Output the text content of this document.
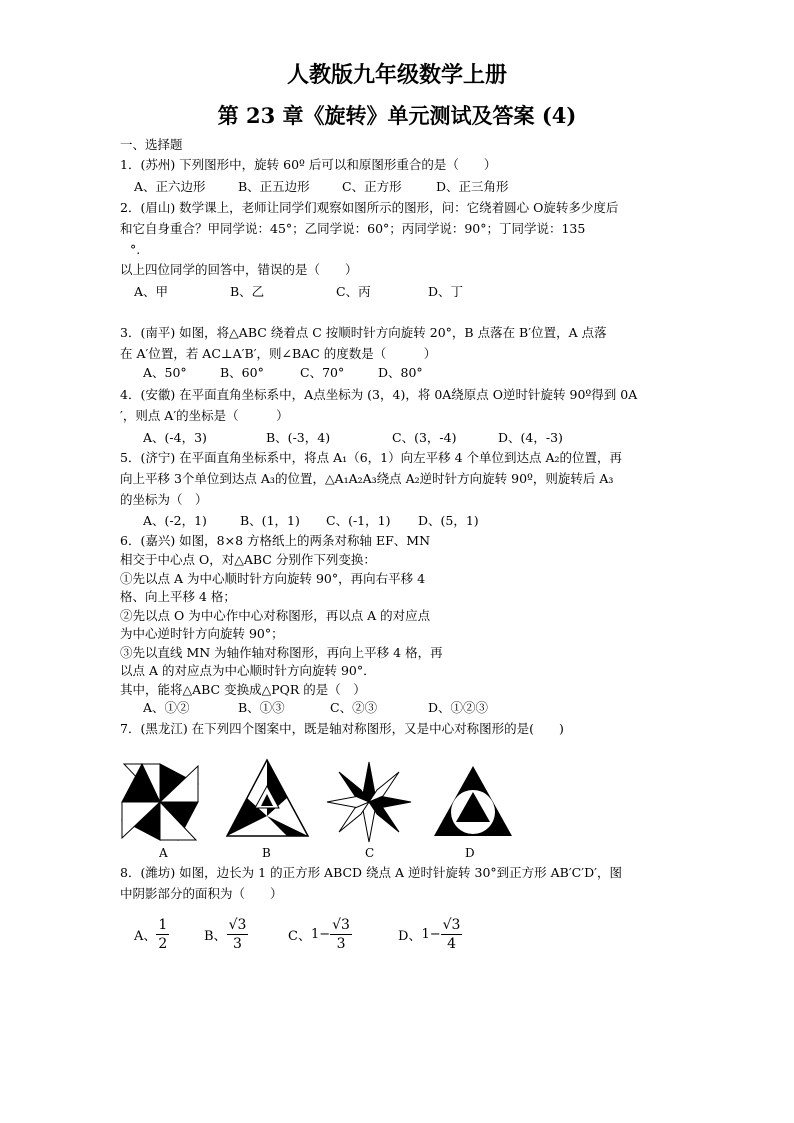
人教版九年级数学上册
第 23 章《旋转》单元测试及答案 (4)
一、选择题
1．(苏州) 下列图形中，旋转 60º 后可以和原图形重合的是（　　）
A、正六边形	B、正五边形	C、正方形	D、正三角形
2．(眉山) 数学课上，老师让同学们观察如图所示的图形，问：它绕着圆心 O旋转多少度后
和它自身重合？甲同学说：45°；乙同学说：60°；丙同学说：90°；丁同学说：135
°.
以上四位同学的回答中，错误的是（　　）
A、甲	B、乙	C、丙	D、丁
3．(南平) 如图，将△ABC 绕着点 C 按顺时针方向旋转 20°，B 点落在 B′位置，A 点落
在 A′位置，若 AC⊥A′B′，则∠BAC 的度数是（　　　）
A、50°	B、60°	C、70°	D、80°
4．(安徽) 在平面直角坐标系中，A点坐标为 (3，4)，将 0A绕原点 O逆时针旋转 90º得到 0A
′，则点 A′的坐标是（　　　）
A、(-4，3)	B、(-3，4)	C、(3，-4)	D、(4，-3)
5．(济宁) 在平面直角坐标系中，将点 A₁（6，1）向左平移 4 个单位到达点 A₂的位置，再
向上平移 3个单位到达点 A₃的位置，△A₁A₂A₃绕点 A₂逆时针方向旋转 90º，则旋转后 A₃
的坐标为（　）
A、(-2，1)	B、(1，1) C、(-1，1) D、(5，1)
6．(嘉兴) 如图，8×8 方格纸上的两条对称轴 EF、MN
相交于中心点 O，对△ABC 分别作下列变换：
①先以点 A 为中心顺时针方向旋转 90°，再向右平移 4
格、向上平移 4 格；
②先以点 O 为中心作中心对称图形，再以点 A 的对应点
为中心逆时针方向旋转 90°；
③先以直线 MN 为轴作轴对称图形，再向上平移 4 格，再
以点 A 的对应点为中心顺时针方向旋转 90°．
其中，能将△ABC 变换成△PQR 的是（　）
A、①②	B、①③	C、②③	D、①②③
7．(黑龙江) 在下列四个图案中，既是轴对称图形，又是中心对称图形的是(　　)
A	B	C	D
8．(潍坊) 如图，边长为 1 的正方形 ABCD 绕点 A 逆时针旋转 30°到正方形 AB′C′D′，图
中阴影部分的面积为（　　）
A、 $\frac{1}{2}$	B、 $\frac{√3}{3}$	C、$1- \frac{√3}{3}$	D、$1- \frac{√3}{4}$
